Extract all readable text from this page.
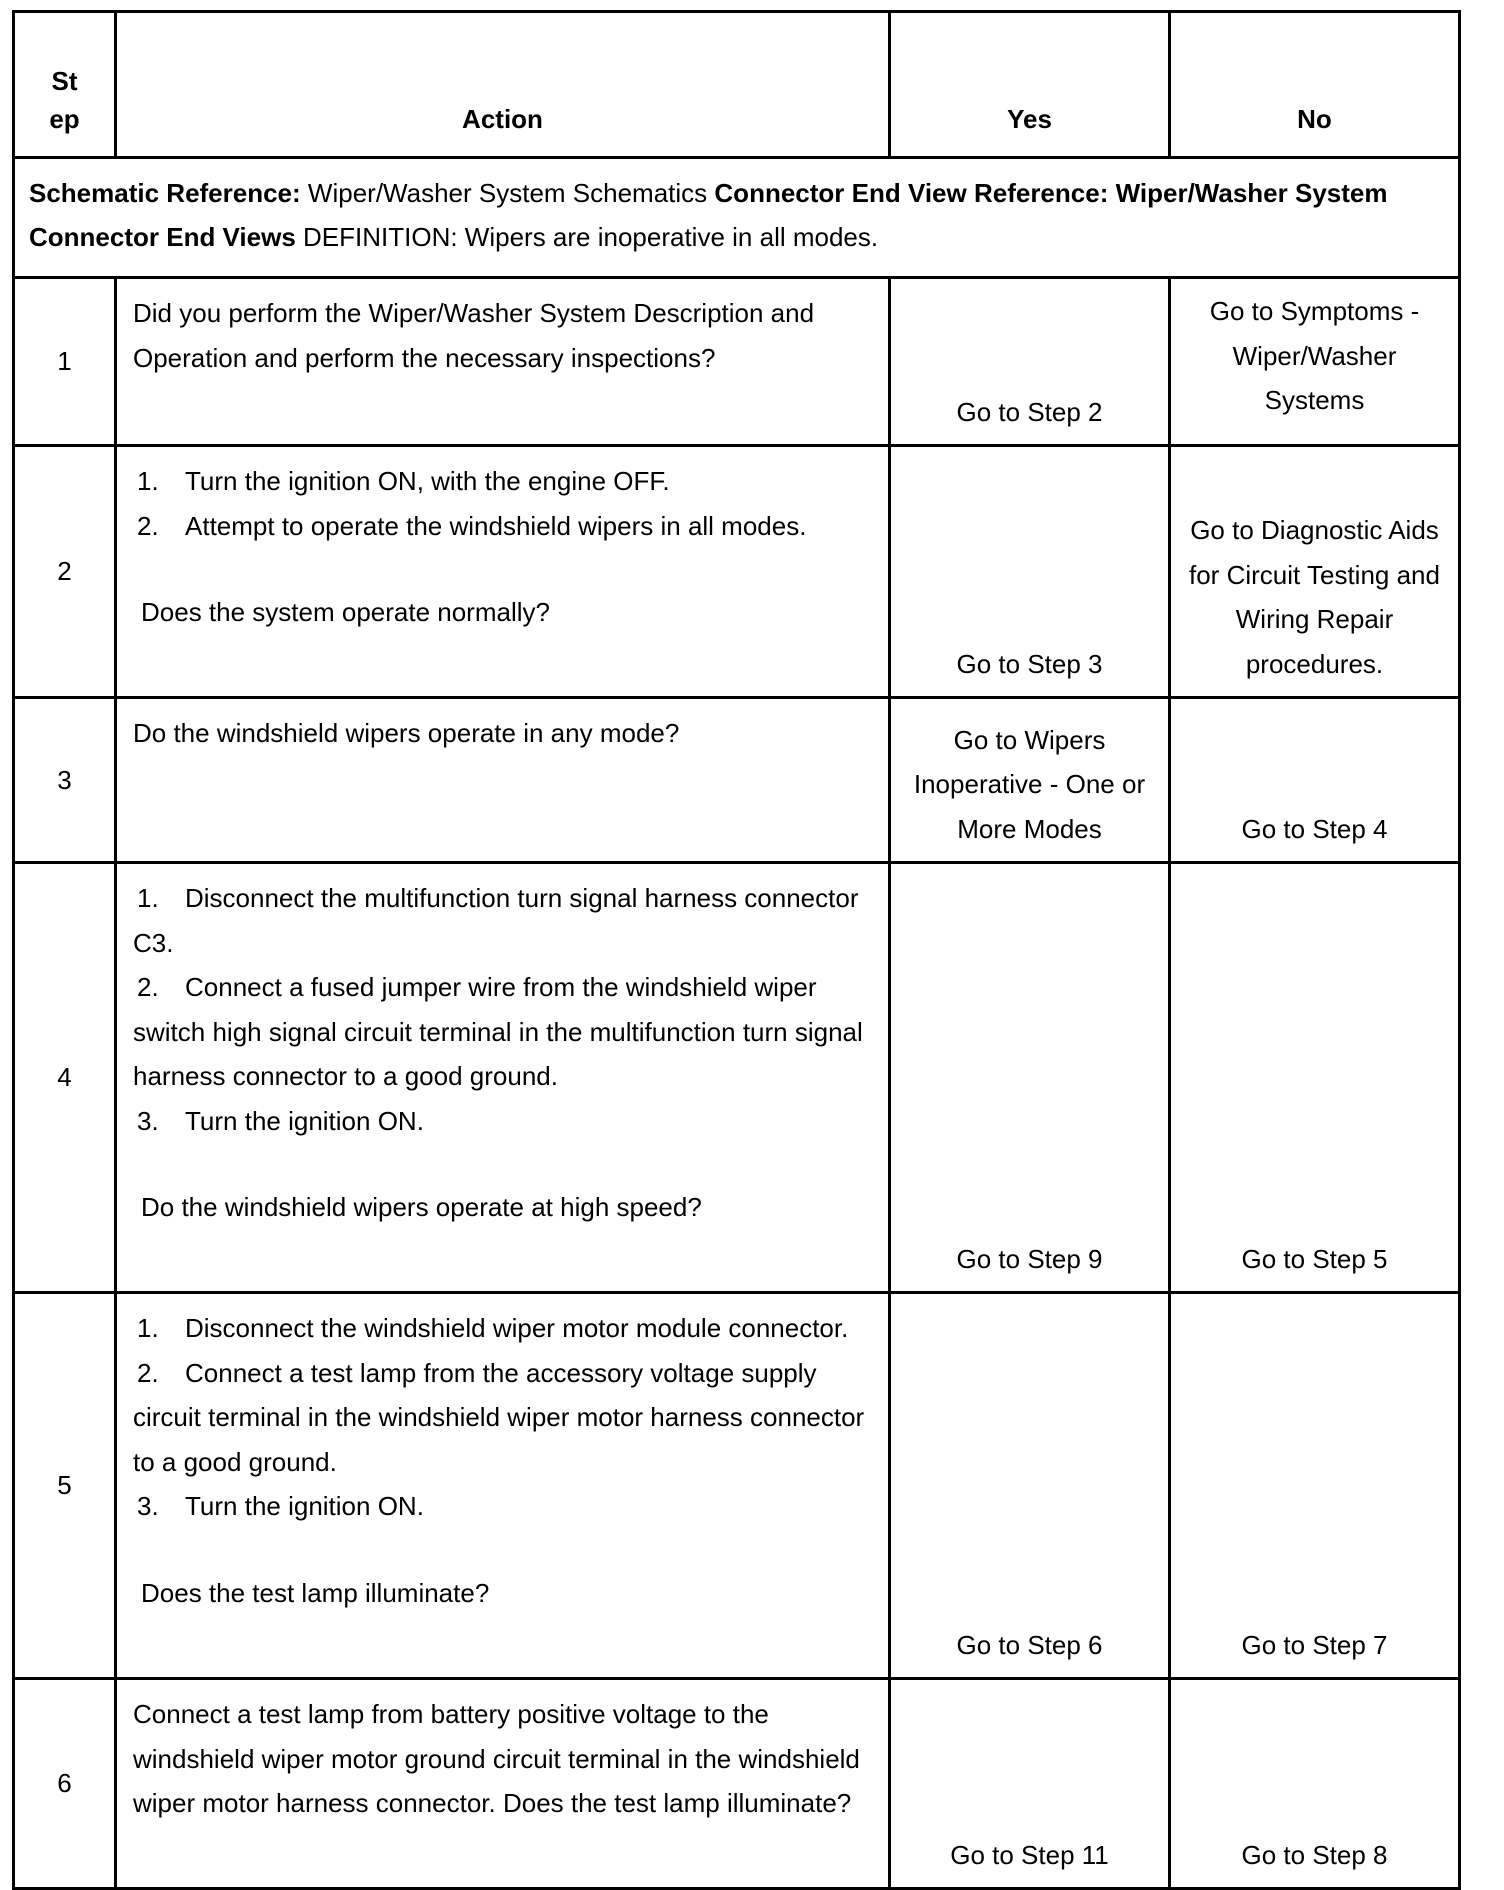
St
ep	Action	Yes	No
Schematic Reference: Wiper/Washer System Schematics Connector End View Reference: Wiper/Washer System Connector End Views DEFINITION: Wipers are inoperative in all modes.			
1	Did you perform the Wiper/Washer System Description and Operation and perform the necessary inspections?	Go to Step 2	Go to Symptoms - Wiper/Washer Systems
2	1. Turn the ignition ON, with the engine OFF.
2. Attempt to operate the windshield wipers in all modes.
Does the system operate normally?	Go to Step 3	Go to Diagnostic Aids for Circuit Testing and Wiring Repair procedures.
3	Do the windshield wipers operate in any mode?	Go to Wipers Inoperative - One or More Modes	Go to Step 4
4	1. Disconnect the multifunction turn signal harness connector C3.
2. Connect a fused jumper wire from the windshield wiper switch high signal circuit terminal in the multifunction turn signal harness connector to a good ground.
3. Turn the ignition ON.
Do the windshield wipers operate at high speed?	Go to Step 9	Go to Step 5
5	1. Disconnect the windshield wiper motor module connector.
2. Connect a test lamp from the accessory voltage supply circuit terminal in the windshield wiper motor harness connector to a good ground.
3. Turn the ignition ON.
Does the test lamp illuminate?	Go to Step 6	Go to Step 7
6	Connect a test lamp from battery positive voltage to the windshield wiper motor ground circuit terminal in the windshield wiper motor harness connector. Does the test lamp illuminate?	Go to Step 11	Go to Step 8
